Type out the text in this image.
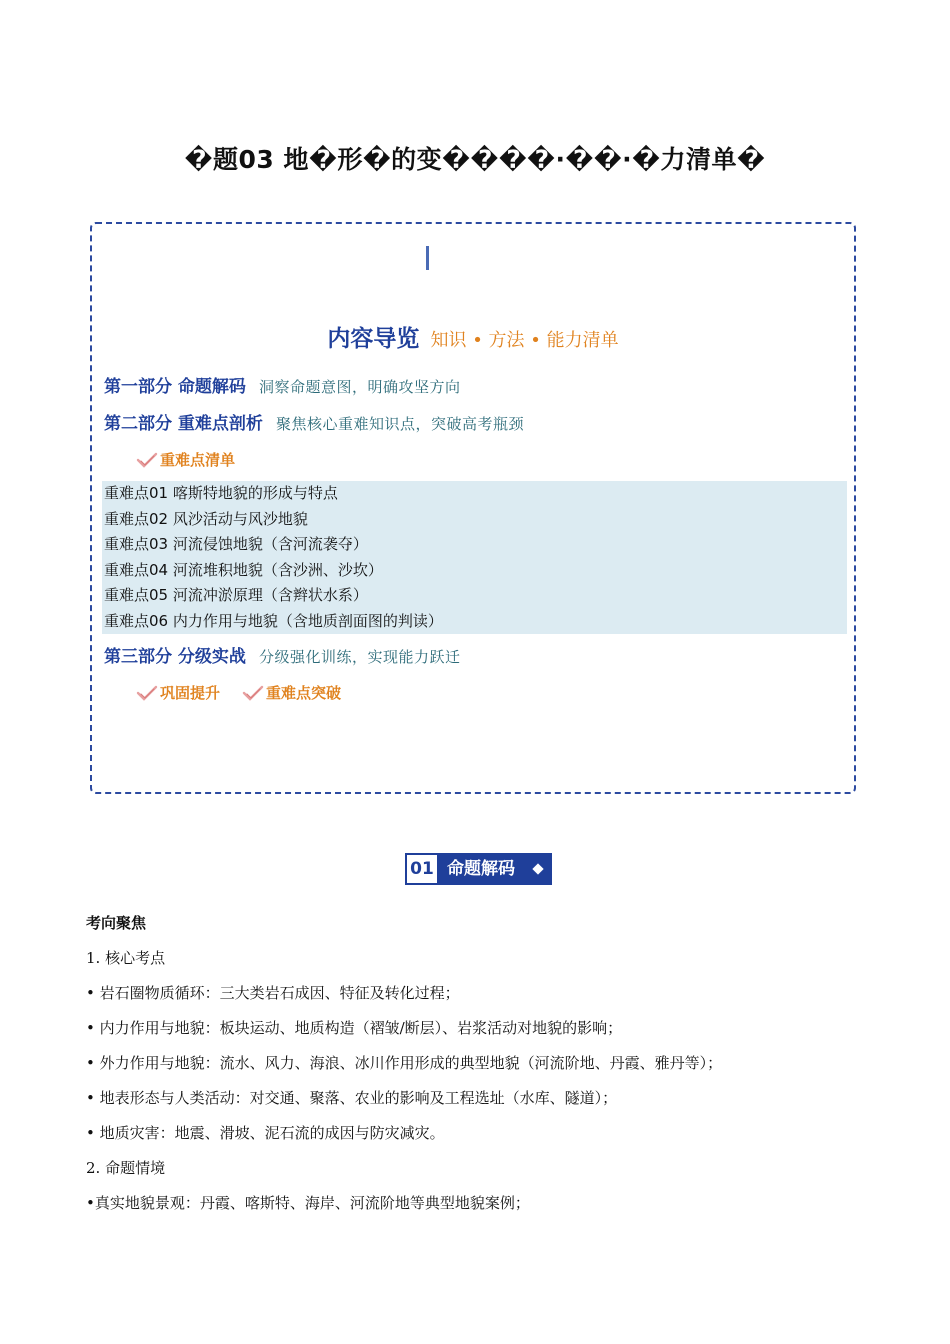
�题03 地�形�的变����·��·�力清单�
内容导览 知识 • 方法 • 能力清单
第一部分 命题解码 洞察命题意图，明确攻坚方向
第二部分 重难点剖析 聚焦核心重难知识点，突破高考瓶颈
重难点清单
重难点01 喀斯特地貌的形成与特点
重难点02 风沙活动与风沙地貌
重难点03 河流侵蚀地貌（含河流袭夺）
重难点04 河流堆积地貌（含沙洲、沙坎）
重难点05 河流冲淤原理（含辫状水系）
重难点06 内力作用与地貌（含地质剖面图的判读）
第三部分 分级实战 分级强化训练，实现能力跃迁
巩固提升	重难点突破
01 命题解码
考向聚焦
1. 核心考点
• 岩石圈物质循环：三大类岩石成因、特征及转化过程；
• 内力作用与地貌：板块运动、地质构造（褶皱/断层）、岩浆活动对地貌的影响；
• 外力作用与地貌：流水、风力、海浪、冰川作用形成的典型地貌（河流阶地、丹霞、雅丹等）；
• 地表形态与人类活动：对交通、聚落、农业的影响及工程选址（水库、隧道）；
• 地质灾害：地震、滑坡、泥石流的成因与防灾减灾。
2. 命题情境
•真实地貌景观：丹霞、喀斯特、海岸、河流阶地等典型地貌案例；
